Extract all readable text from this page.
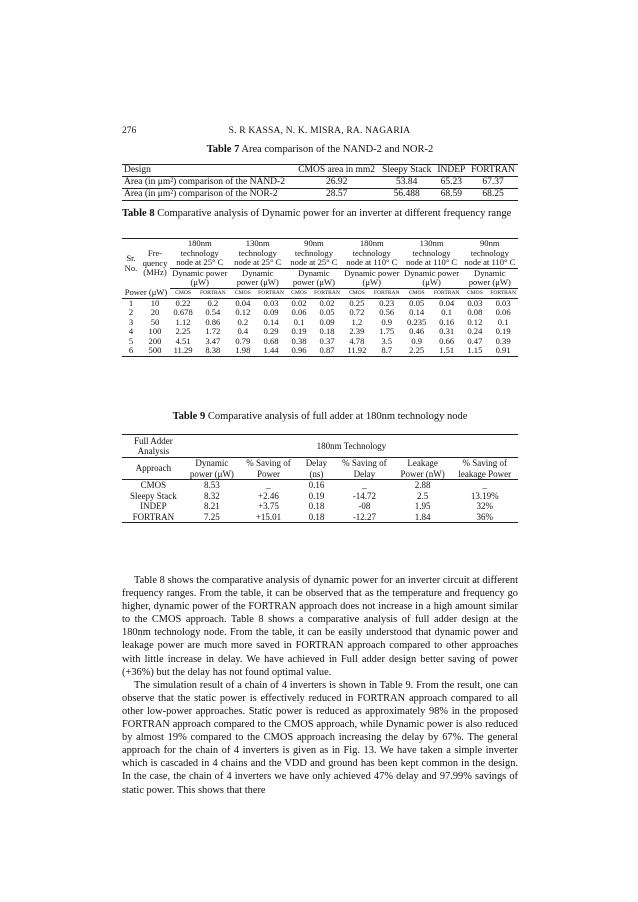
276	S. R KASSA, N. K. MISRA, RA. NAGARIA
Table 7 Area comparison of the NAND-2 and NOR-2
Design	CMOS area in mm2	Sleepy Stack	INDEP	FORTRAN
Area (in μm²) comparison of the NAND-2	26.92	53.84	65.23	67.37
Area (in μm²) comparison of the NOR-2	28.57	56.488	68.59	68.25
Table 8 Comparative analysis of Dynamic power for an inverter at different frequency range
Sr. No.	Fre- quency (MHz)	180nm technology node at 25° C		130nm technology node at 25° C		90nm technology node at 25° C		180nm technology node at 110° C		130nm technology node at 110° C		90nm technology node at 110° C	
		Dynamic power (μW)		Dynamic power (μW)		Dynamic power (μW)		Dynamic power (μW)		Dynamic power (μW)		Dynamic power (μW)	
Power (μW)		CMOS	FORTRAN	CMOS	FORTRAN	CMOS	FORTRAN	CMOS	FORTRAN	CMOS	FORTRAN	CMOS	FORTRAN
1	10	0.22	0.2	0.04	0.03	0.02	0.02	0.25	0.23	0.05	0.04	0.03	0.03
2	20	0.678	0.54	0.12	0.09	0.06	0.05	0.72	0.56	0.14	0.1	0.08	0.06
3	50	1.12	0.86	0.2	0.14	0.1	0.09	1.2	0.9	0.235	0.16	0.12	0.1
4	100	2.25	1.72	0.4	0.29	0.19	0.18	2.39	1.75	0.46	0.31	0.24	0.19
5	200	4.51	3.47	0.79	0.68	0.38	0.37	4.78	3.5	0.9	0.66	0.47	0.39
6	500	11.29	8.38	1.98	1.44	0.96	0.87	11.92	8.7	2.25	1.51	1.15	0.91
Table 9 Comparative analysis of full adder at 180nm technology node
Full Adder Analysis	180nm Technology					
Approach	Dynamic power (μW)	% Saving of Power	Delay (ns)	% Saving of Delay	Leakage Power (nW)	% Saving of leakage Power
CMOS	8.53	_	0.16	_	2.88	_
Sleepy Stack	8.32	+2.46	0.19	-14.72	2.5	13.19%
INDEP	8.21	+3.75	0.18	-08	1.95	32%
FORTRAN	7.25	+15.01	0.18	-12.27	1.84	36%

Table 8 shows the comparative analysis of dynamic power for an inverter circuit at different frequency ranges. From the table, it can be observed that as the temperature and frequency go higher, dynamic power of the FORTRAN approach does not increase in a high amount similar to the CMOS approach. Table 8 shows a comparative analysis of full adder design at the 180nm technology node. From the table, it can be easily understood that dynamic power and leakage power are much more saved in FORTRAN approach compared to other approaches with little increase in delay. We have achieved in Full adder design better saving of power (+36%) but the delay has not found optimal value.

The simulation result of a chain of 4 inverters is shown in Table 9. From the result, one can observe that the static power is effectively reduced in FORTRAN approach compared to all other low-power approaches. Static power is reduced as approximately 98% in the proposed FORTRAN approach compared to the CMOS approach, while Dynamic power is also reduced by almost 19% compared to the CMOS approach increasing the delay by 67%. The general approach for the chain of 4 inverters is given as in Fig. 13. We have taken a simple inverter which is cascaded in 4 chains and the VDD and ground has been kept common in the design. In the case, the chain of 4 inverters we have only achieved 47% delay and 97.99% savings of static power. This shows that there
